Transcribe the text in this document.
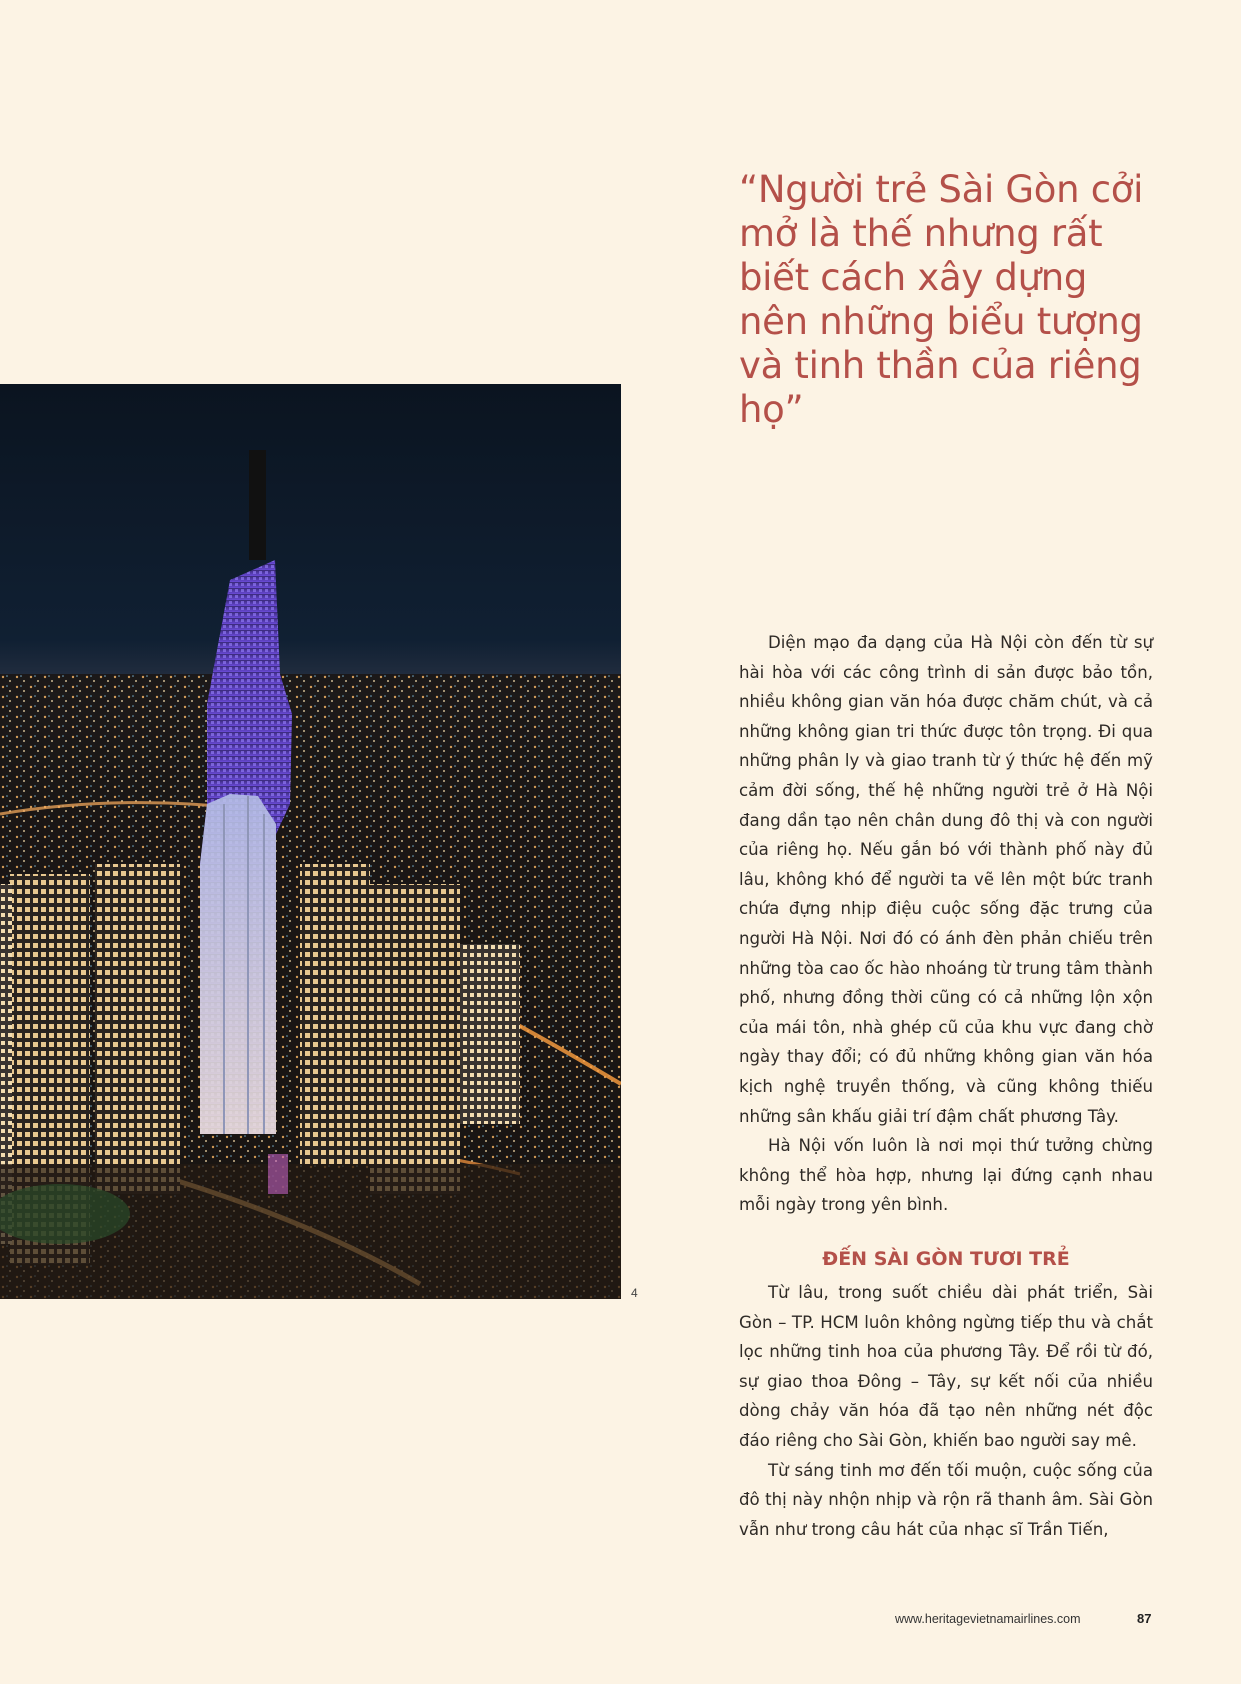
“Người trẻ Sài Gòn cởi mở là thế nhưng rất biết cách xây dựng nên những biểu tượng và tinh thần của riêng họ”
4

Diện mạo đa dạng của Hà Nội còn đến từ sự hài hòa với các công trình di sản được bảo tồn, nhiều không gian văn hóa được chăm chút, và cả những không gian tri thức được tôn trọng. Đi qua những phân ly và giao tranh từ ý thức hệ đến mỹ cảm đời sống, thế hệ những người trẻ ở Hà Nội đang dần tạo nên chân dung đô thị và con người của riêng họ. Nếu gắn bó với thành phố này đủ lâu, không khó để người ta vẽ lên một bức tranh chứa đựng nhịp điệu cuộc sống đặc trưng của người Hà Nội. Nơi đó có ánh đèn phản chiếu trên những tòa cao ốc hào nhoáng từ trung tâm thành phố, nhưng đồng thời cũng có cả những lộn xộn của mái tôn, nhà ghép cũ của khu vực đang chờ ngày thay đổi; có đủ những không gian văn hóa kịch nghệ truyền thống, và cũng không thiếu những sân khấu giải trí đậm chất phương Tây.

Hà Nội vốn luôn là nơi mọi thứ tưởng chừng không thể hòa hợp, nhưng lại đứng cạnh nhau mỗi ngày trong yên bình.

ĐẾN SÀI GÒN TƯƠI TRẺ

Từ lâu, trong suốt chiều dài phát triển, Sài Gòn – TP. HCM luôn không ngừng tiếp thu và chắt lọc những tinh hoa của phương Tây. Để rồi từ đó, sự giao thoa Đông – Tây, sự kết nối của nhiều dòng chảy văn hóa đã tạo nên những nét độc đáo riêng cho Sài Gòn, khiến bao người say mê.

Từ sáng tinh mơ đến tối muộn, cuộc sống của đô thị này nhộn nhịp và rộn rã thanh âm. Sài Gòn vẫn như trong câu hát của nhạc sĩ Trần Tiến,

www.heritagevietnamairlines.com	87
